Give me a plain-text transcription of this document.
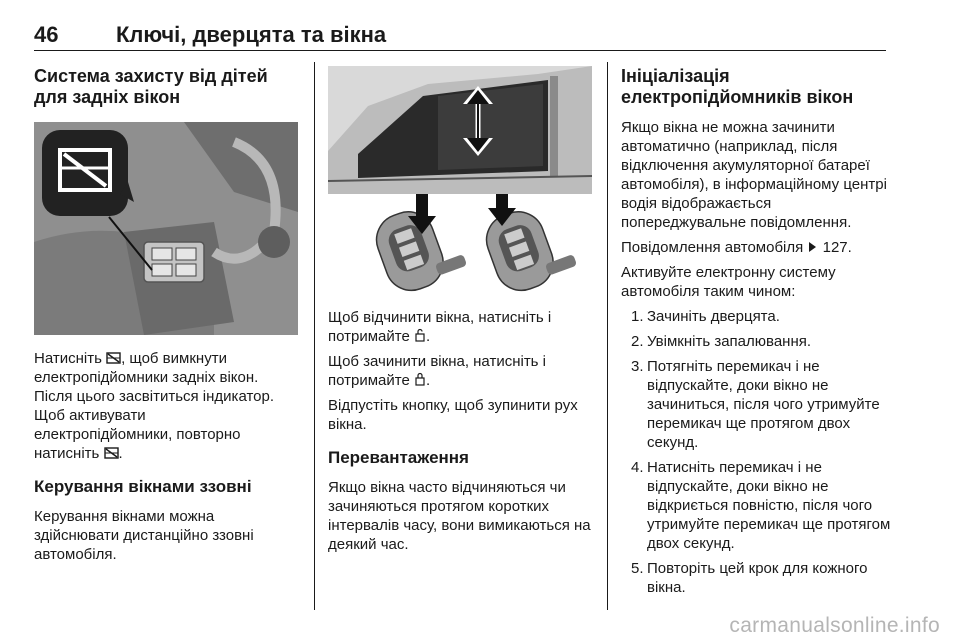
46	Ключі, дверцята та вікна
Система захисту від дітей для задніх вікон

Натисніть , щоб вимкнути
електропідйомники задніх вікон.
Після цього засвітиться індикатор.
Щоб активувати
електропідйомники, повторно
натисніть .

Керування вікнами ззовні

Керування вікнами можна здійснювати дистанційно ззовні автомобіля.

Щоб відчинити вікна, натисніть і потримайте .

Щоб зачинити вікна, натисніть і потримайте .

Відпустіть кнопку, щоб зупинити рух вікна.

Перевантаження

Якщо вікна часто відчиняються чи зачиняються протягом коротких інтервалів часу, вони вимикаються на деякий час.

Ініціалізація електропідйомників вікон

Якщо вікна не можна зачинити автоматично (наприклад, після відключення акумуляторної батареї автомобіля), в інформаційному центрі водія відображається попереджувальне повідомлення.

Повідомлення автомобіля 127.

Активуйте електронну систему автомобіля таким чином:

1. Зачиніть дверцята.
2. Увімкніть запалювання.
3. Потягніть перемикач і не відпускайте, доки вікно не зачиниться, після чого утримуйте перемикач ще протягом двох секунд.
4. Натисніть перемикач і не відпускайте, доки вікно не відкриється повністю, після чого утримуйте перемикач ще протягом двох секунд.
5. Повторіть цей крок для кожного вікна.
carmanualsonline.info
